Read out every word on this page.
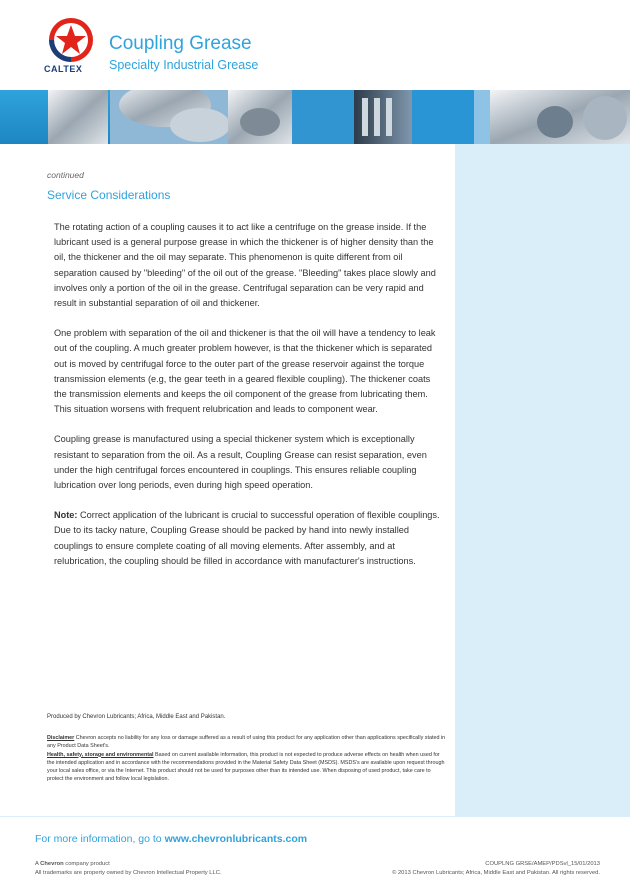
CALTEX
Coupling Grease
Specialty Industrial Grease
continued
Service Considerations

The rotating action of a coupling causes it to act like a centrifuge on the grease inside. If the lubricant used is a general purpose grease in which the thickener is of higher density than the oil, the thickener and the oil may separate. This phenomenon is quite different from oil separation caused by "bleeding" of the oil out of the grease. "Bleeding" takes place slowly and involves only a portion of the oil in the grease. Centrifugal separation can be very rapid and result in substantial separation of oil and thickener.

One problem with separation of the oil and thickener is that the oil will have a tendency to leak out of the coupling. A much greater problem however, is that the thickener which is separated out is moved by centrifugal force to the outer part of the grease reservoir against the torque transmission elements (e.g, the gear teeth in a geared flexible coupling). The thickener coats the transmission elements and keeps the oil component of the grease from lubricating them. This situation worsens with frequent relubrication and leads to component wear.

Coupling grease is manufactured using a special thickener system which is exceptionally resistant to separation from the oil. As a result, Coupling Grease can resist separation, even under the high centrifugal forces encountered in couplings. This ensures reliable coupling lubrication over long periods, even during high speed operation.

Note: Correct application of the lubricant is crucial to successful operation of flexible couplings. Due to its tacky nature, Coupling Grease should be packed by hand into newly installed couplings to ensure complete coating of all moving elements. After assembly, and at relubrication, the coupling should be filled in accordance with manufacturer's instructions.

Produced by Chevron Lubricants; Africa, Middle East and Pakistan.
Disclaimer Chevron accepts no liability for any loss or damage suffered as a result of using this product for any application other than applications specifically stated in any Product Data Sheet's.
Health, safety, storage and environmental Based on current available information, this product is not expected to produce adverse effects on health when used for the intended application and in accordance with the recommendations provided in the Material Safety Data Sheet (MSDS). MSDS's are available upon request through your local sales office, or via the Internet. This product should not be used for purposes other than its intended use. When disposing of used product, take care to protect the environment and follow local legislation.
For more information, go to www.chevronlubricants.com
A Chevron company product
All trademarks are property owned by Chevron Intellectual Property LLC.
COUPLNG GRSE/AMEP/PDSvl_15/01/2013
© 2013 Chevron Lubricants; Africa, Middle East and Pakistan. All rights reserved.
